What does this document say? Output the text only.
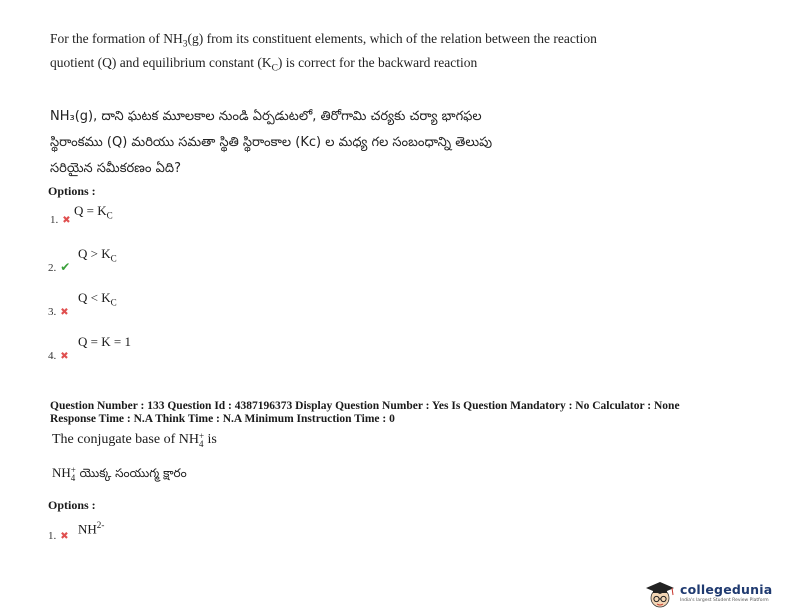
For the formation of $NH_3(g)$ from its constituent elements, which of the relation between the reaction quotient (Q) and equilibrium constant $(K_C)$ is correct for the backward reaction
NH₃(g), దాని ఘటక మూలకాల నుండి ఏర్పడుటలో, తిరోగామి చర్యకు చర్యా భాగఫల
స్థిరాంకము (Q) మరియు సమతా స్థితి స్థిరాంకాల (Kc) ల మధ్య గల సంబంధాన్ని తెలుపు
సరియైన సమీకరణం ఏది?
Options :
1. ✖
$Q = K_C$
2. ✔
$Q > K_C$
3. ✖
$Q < K_C$
4. ✖
Q = K = 1
Question Number : 133 Question Id : 4387196373 Display Question Number : Yes Is Question Mandatory : No Calculator : None
Response Time : N.A Think Time : N.A Minimum Instruction Time : 0
The conjugate base of NH +
4 is
NH +
4 యొక్క సంయుగ్మ క్షారం
Options :
1. ✖
$NH^{2-}$
collegedunia
India's largest Student Review Platform
